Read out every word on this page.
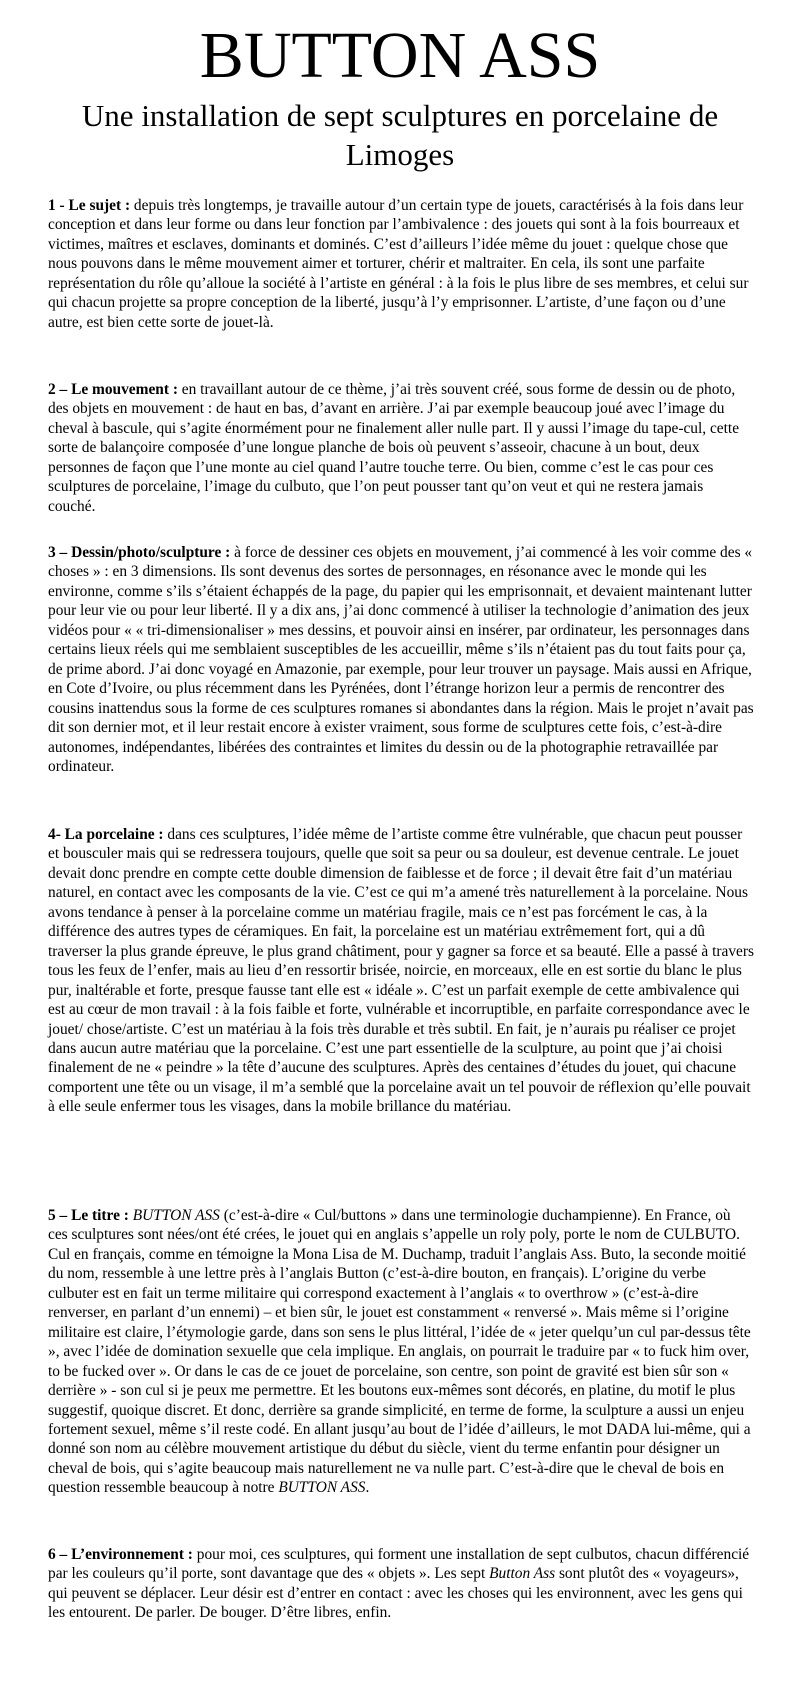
BUTTON ASS
Une installation de sept sculptures en porcelaine de Limoges

1 - Le sujet : depuis très longtemps, je travaille autour d’un certain type de jouets, caractérisés à la fois dans leur conception et dans leur forme ou dans leur fonction par l’ambivalence : des jouets qui sont à la fois bourreaux et victimes, maîtres et esclaves, dominants et dominés. C’est d’ailleurs l’idée même du jouet : quelque chose que nous pouvons dans le même mouvement aimer et torturer, chérir et maltraiter. En cela, ils sont une parfaite représentation du rôle qu’alloue la société à l’artiste en général : à la fois le plus libre de ses membres, et celui sur qui chacun projette sa propre conception de la liberté, jusqu’à l’y emprisonner. L’artiste, d’une façon ou d’une autre, est bien cette sorte de jouet-là.

2 – Le mouvement : en travaillant autour de ce thème, j’ai très souvent créé, sous forme de dessin ou de photo, des objets en mouvement : de haut en bas, d’avant en arrière. J’ai par exemple beaucoup joué avec l’image du cheval à bascule, qui s’agite énormément pour ne finalement aller nulle part. Il y aussi l’image du tape-cul, cette sorte de balançoire composée d’une longue planche de bois où peuvent s’asseoir, chacune à un bout, deux personnes de façon que l’une monte au ciel quand l’autre touche terre. Ou bien, comme c’est le cas pour ces sculptures de porcelaine, l’image du culbuto, que l’on peut pousser tant qu’on veut et qui ne restera jamais couché.

3 – Dessin/photo/sculpture : à force de dessiner ces objets en mouvement, j’ai commencé à les voir comme des « choses » : en 3 dimensions. Ils sont devenus des sortes de personnages, en résonance avec le monde qui les environne, comme s’ils s’étaient échappés de la page, du papier qui les emprisonnait, et devaient maintenant lutter pour leur vie ou pour leur liberté. Il y a dix ans, j’ai donc commencé à utiliser la technologie d’animation des jeux vidéos pour « « tri-dimensionaliser » mes dessins, et pouvoir ainsi en insérer, par ordinateur, les personnages dans certains lieux réels qui me semblaient susceptibles de les accueillir, même s’ils n’étaient pas du tout faits pour ça, de prime abord. J’ai donc voyagé en Amazonie, par exemple, pour leur trouver un paysage. Mais aussi en Afrique, en Cote d’Ivoire, ou plus récemment dans les Pyrénées, dont l’étrange horizon leur a permis de rencontrer des cousins inattendus sous la forme de ces sculptures romanes si abondantes dans la région. Mais le projet n’avait pas dit son dernier mot, et il leur restait encore à exister vraiment, sous forme de sculptures cette fois, c’est-à-dire autonomes, indépendantes, libérées des contraintes et limites du dessin ou de la photographie retravaillée par ordinateur.

4- La porcelaine : dans ces sculptures, l’idée même de l’artiste comme être vulnérable, que chacun peut pousser et bousculer mais qui se redressera toujours, quelle que soit sa peur ou sa douleur, est devenue centrale. Le jouet devait donc prendre en compte cette double dimension de faiblesse et de force ; il devait être fait d’un matériau naturel, en contact avec les composants de la vie. C’est ce qui m’a amené très naturellement à la porcelaine. Nous avons tendance à penser à la porcelaine comme un matériau fragile, mais ce n’est pas forcément le cas, à la différence des autres types de céramiques. En fait, la porcelaine est un matériau extrêmement fort, qui a dû traverser la plus grande épreuve, le plus grand châtiment, pour y gagner sa force et sa beauté. Elle a passé à travers tous les feux de l’enfer, mais au lieu d’en ressortir brisée, noircie, en morceaux, elle en est sortie du blanc le plus pur, inaltérable et forte, presque fausse tant elle est « idéale ». C’est un parfait exemple de cette ambivalence qui est au cœur de mon travail : à la fois faible et forte, vulnérable et incorruptible, en parfaite correspondance avec le jouet/ chose/artiste. C’est un matériau à la fois très durable et très subtil. En fait, je n’aurais pu réaliser ce projet dans aucun autre matériau que la porcelaine. C’est une part essentielle de la sculpture, au point que j’ai choisi finalement de ne « peindre » la tête d’aucune des sculptures. Après des centaines d’études du jouet, qui chacune comportent une tête ou un visage, il m’a semblé que la porcelaine avait un tel pouvoir de réflexion qu’elle pouvait à elle seule enfermer tous les visages, dans la mobile brillance du matériau.

5 – Le titre : BUTTON ASS (c’est-à-dire « Cul/buttons » dans une terminologie duchampienne). En France, où ces sculptures sont nées/ont été crées, le jouet qui en anglais s’appelle un roly poly, porte le nom de CULBUTO. Cul en français, comme en témoigne la Mona Lisa de M. Duchamp, traduit l’anglais Ass. Buto, la seconde moitié du nom, ressemble à une lettre près à l’anglais Button (c’est-à-dire bouton, en français). L’origine du verbe culbuter est en fait un terme militaire qui correspond exactement à l’anglais « to overthrow » (c’est-à-dire renverser, en parlant d’un ennemi) – et bien sûr, le jouet est constamment « renversé ». Mais même si l’origine militaire est claire, l’étymologie garde, dans son sens le plus littéral, l’idée de « jeter quelqu’un cul par-dessus tête », avec l’idée de domination sexuelle que cela implique. En anglais, on pourrait le traduire par « to fuck him over, to be fucked over ». Or dans le cas de ce jouet de porcelaine, son centre, son point de gravité est bien sûr son « derrière » - son cul si je peux me permettre. Et les boutons eux-mêmes sont décorés, en platine, du motif le plus suggestif, quoique discret. Et donc, derrière sa grande simplicité, en terme de forme, la sculpture a aussi un enjeu fortement sexuel, même s’il reste codé. En allant jusqu’au bout de l’idée d’ailleurs, le mot DADA lui-même, qui a donné son nom au célèbre mouvement artistique du début du siècle, vient du terme enfantin pour désigner un cheval de bois, qui s’agite beaucoup mais naturellement ne va nulle part. C’est-à-dire que le cheval de bois en question ressemble beaucoup à notre BUTTON ASS.

6 – L’environnement : pour moi, ces sculptures, qui forment une installation de sept culbutos, chacun différencié par les couleurs qu’il porte, sont davantage que des « objets ». Les sept Button Ass sont plutôt des « voyageurs», qui peuvent se déplacer. Leur désir est d’entrer en contact : avec les choses qui les environnent, avec les gens qui les entourent. De parler. De bouger. D’être libres, enfin.
